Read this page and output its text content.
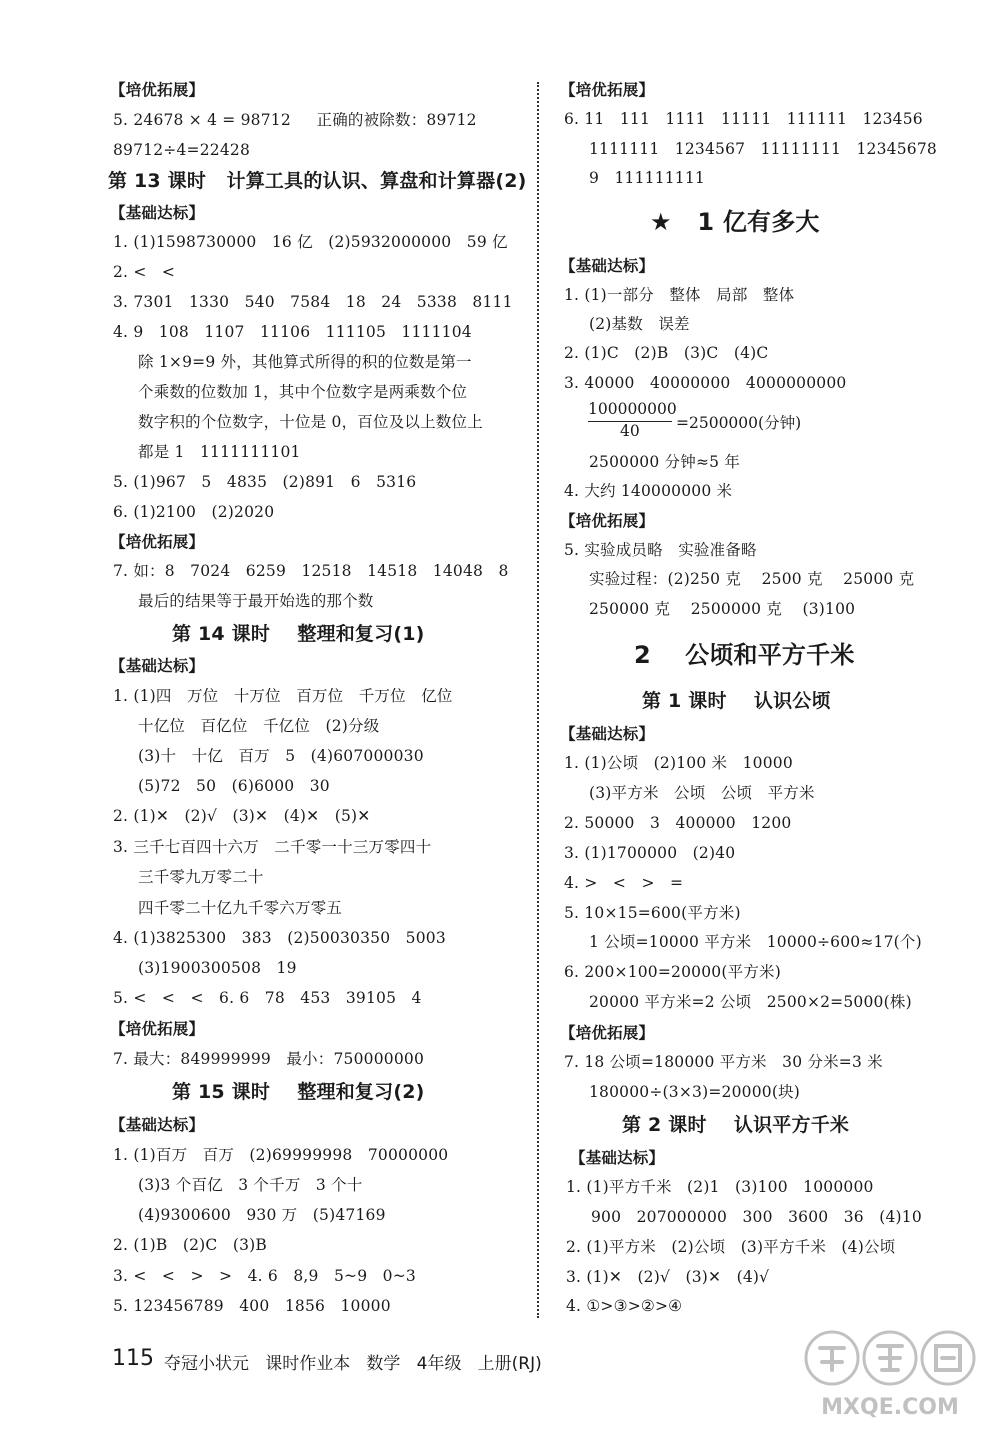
【培优拓展】
5. 24678 × 4 = 98712     正确的被除数：89712
89712÷4=22428
第 13 课时   计算工具的认识、算盘和计算器(2)
【基础达标】
1. (1)1598730000   16 亿   (2)5932000000   59 亿
2. <   <
3. 7301   1330   540   7584   18   24   5338   8111
4. 9   108   1107   11106   111105   1111104
除 1×9=9 外，其他算式所得的积的位数是第一
个乘数的位数加 1，其中个位数字是两乘数个位
数字积的个位数字，十位是 0，百位及以上数位上
都是 1   1111111101
5. (1)967   5   4835   (2)891   6   5316
6. (1)2100   (2)2020
【培优拓展】
7. 如：8   7024   6259   12518   14518   14048   8
最后的结果等于最开始选的那个数
第 14 课时    整理和复习(1)
【基础达标】
1. (1)四   万位   十万位   百万位   千万位   亿位
十亿位   百亿位   千亿位   (2)分级
(3)十   十亿   百万   5   (4)607000030
(5)72   50   (6)6000   30
2. (1)✕   (2)√   (3)✕   (4)✕   (5)✕
3. 三千七百四十六万   二千零一十三万零四十
三千零九万零二十
四千零二十亿九千零六万零五
4. (1)3825300   383   (2)50030350   5003
(3)1900300508   19
5. <   <   <   6. 6   78   453   39105   4
【培优拓展】
7. 最大：849999999   最小：750000000
第 15 课时    整理和复习(2)
【基础达标】
1. (1)百万   百万   (2)69999998   70000000
(3)3 个百亿   3 个千万   3 个十
(4)9300600   930 万   (5)47169
2. (1)B   (2)C   (3)B
3. <   <   >   >   4. 6   8,9   5~9   0~3
5. 123456789   400   1856   10000
【培优拓展】
6. 11   111   1111   11111   111111   123456
1111111   1234567   11111111   12345678
9   111111111
★   1 亿有多大
【基础达标】
1. (1)一部分   整体   局部   整体
(2)基数   误差
2. (1)C   (2)B   (3)C   (4)C
3. 40000   40000000   4000000000
100000000
40 =2500000(分钟)
2500000 分钟≈5 年
4. 大约 140000000 米
【培优拓展】
5. 实验成员略   实验准备略
实验过程：(2)250 克    2500 克    25000 克
250000 克    2500000 克    (3)100
2    公顷和平方千米
第 1 课时    认识公顷
【基础达标】
1. (1)公顷   (2)100 米   10000
(3)平方米   公顷   公顷   平方米
2. 50000   3   400000   1200
3. (1)1700000   (2)40
4. >   <   >   =
5. 10×15=600(平方米)
1 公顷=10000 平方米   10000÷600≈17(个)
6. 200×100=20000(平方米)
20000 平方米=2 公顷   2500×2=5000(株)
【培优拓展】
7. 18 公顷=180000 平方米   30 分米=3 米
180000÷(3×3)=20000(块)
第 2 课时    认识平方千米
【基础达标】
1. (1)平方千米   (2)1   (3)100   1000000
900   207000000   300   3600   36   (4)10
2. (1)平方米   (2)公顷   (3)平方千米   (4)公顷
3. (1)✕   (2)√   (3)✕   (4)√
4. ①>③>②>④
115 夺冠小状元   课时作业本   数学   4年级   上册(RJ)
MXQE.COM
